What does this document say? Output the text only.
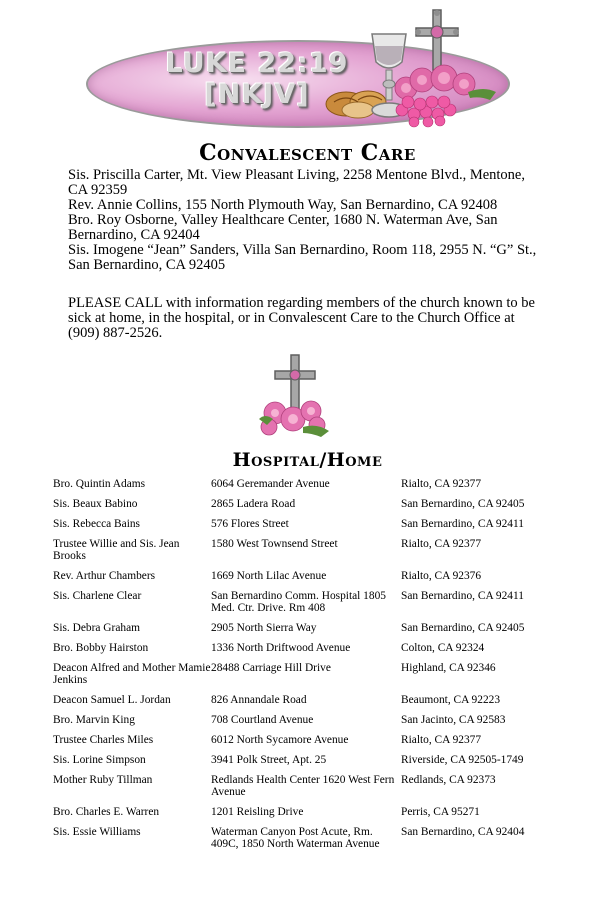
LUKE 22:19
[NKJV]
Convalescent Care

Sis. Priscilla Carter, Mt. View Pleasant Living, 2258 Mentone Blvd., Mentone, CA 92359

Rev. Annie Collins, 155 North Plymouth Way, San Bernardino, CA 92408

Bro. Roy Osborne, Valley Healthcare Center, 1680 N. Waterman Ave, San Bernardino, CA 92404

Sis. Imogene “Jean” Sanders, Villa San Bernardino, Room 118, 2955 N. “G” St., San Bernardino, CA 92405

PLEASE CALL with information regarding members of the church known to be sick at home, in the hospital, or in Convalescent Care to the Church Office at (909) 887-2526.
Hospital/Home
Bro. Quintin Adams	6064 Geremander Avenue	Rialto, CA 92377
Sis. Beaux Babino	2865 Ladera Road	San Bernardino, CA 92405
Sis. Rebecca Bains	576 Flores Street	San Bernardino, CA 92411
Trustee Willie and Sis. Jean Brooks	1580 West Townsend Street	Rialto, CA 92377
Rev. Arthur Chambers	1669 North Lilac Avenue	Rialto, CA 92376
Sis. Charlene Clear	San Bernardino Comm. Hospital 1805 Med. Ctr. Drive. Rm 408	San Bernardino, CA 92411
Sis. Debra Graham	2905 North Sierra Way	San Bernardino, CA 92405
Bro. Bobby Hairston	1336 North Driftwood Avenue	Colton, CA 92324
Deacon Alfred and Mother Mamie Jenkins	28488 Carriage Hill Drive	Highland, CA 92346
Deacon Samuel L. Jordan	826 Annandale Road	Beaumont, CA 92223
Bro. Marvin King	708 Courtland Avenue	San Jacinto, CA 92583
Trustee Charles Miles	6012 North Sycamore Avenue	Rialto, CA 92377
Sis. Lorine Simpson	3941 Polk Street, Apt. 25	Riverside, CA 92505-1749
Mother Ruby Tillman	Redlands Health Center 1620 West Fern Avenue	Redlands, CA 92373
Bro. Charles E. Warren	1201 Reisling Drive	Perris, CA 95271
Sis. Essie Williams	Waterman Canyon Post Acute, Rm. 409C, 1850 North Waterman Avenue	San Bernardino, CA 92404
